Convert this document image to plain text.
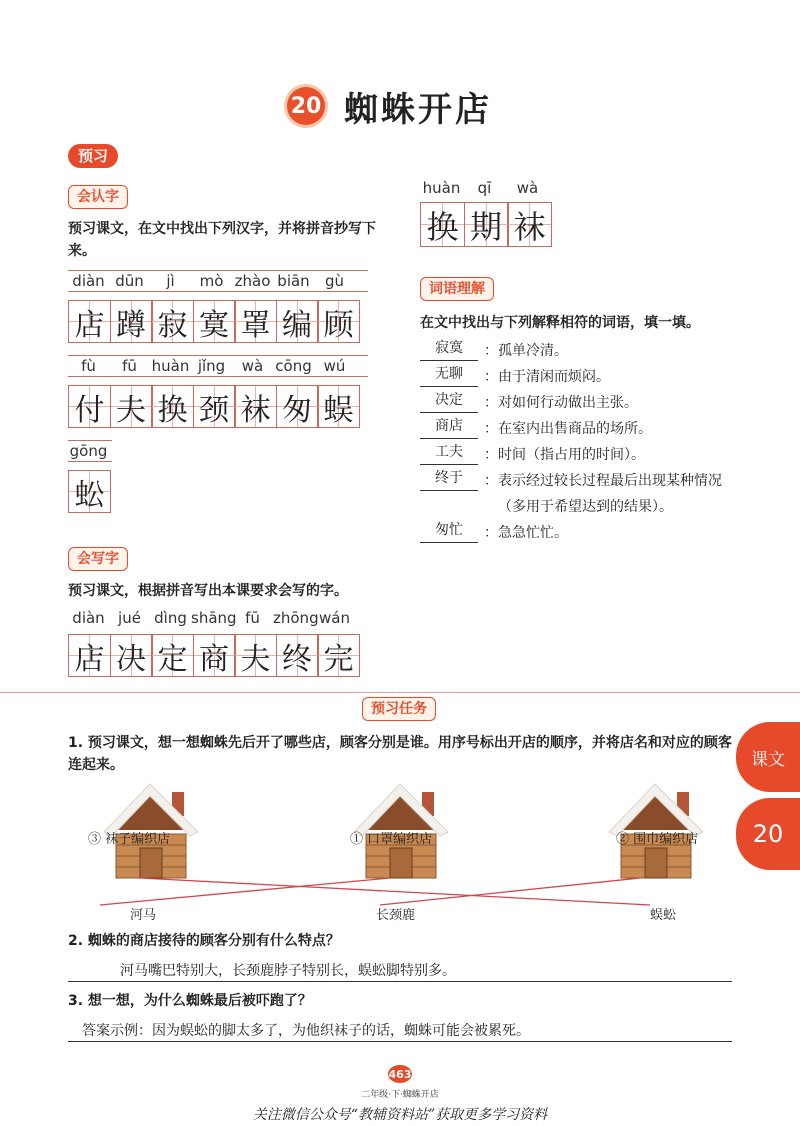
20 蜘蛛开店
预习
会认字
预习课文，在文中找出下列汉字，并将拼音抄写下来。
diàn dūn	jì	mò zhào biān	gù
店 蹲 寂 寞 罩 编 顾
fù	fū huàn jǐng	wà cōng wú
付 夫 换 颈 袜 匆 蜈
gōng
蚣
huàn	qī	wà
换 期 袜
会写字
预习课文，根据拼音写出本课要求会写的字。
diàn jué dìng shāng fū zhōng wán
店 决 定 商 夫 终 完
词语理解
在文中找出与下列解释相符的词语，填一填。
寂寞	： 孤单冷清。
无聊	： 由于清闲而烦闷。
决定	： 对如何行动做出主张。
商店	： 在室内出售商品的场所。
工夫	： 时间（指占用的时间）。
终于	： 表示经过较长过程最后出现某种情况（多用于希望达到的结果）。
匆忙	： 急急忙忙。
预习任务
1. 预习课文，想一想蜘蛛先后开了哪些店，顾客分别是谁。用序号标出开店的顺序，并将店名和对应的顾客连起来。
③ 袜子编织店	① 口罩编织店	② 围巾编织店
河马	长颈鹿	蜈蚣
2. 蜘蛛的商店接待的顾客分别有什么特点？
河马嘴巴特别大，长颈鹿脖子特别长，蜈蚣脚特别多。
3. 想一想，为什么蜘蛛最后被吓跑了？
答案示例：因为蜈蚣的脚太多了，为他织袜子的话，蜘蛛可能会被累死。
课文
20
463
二年级·下·蜘蛛开店
关注微信公众号“教辅资料站”获取更多学习资料
